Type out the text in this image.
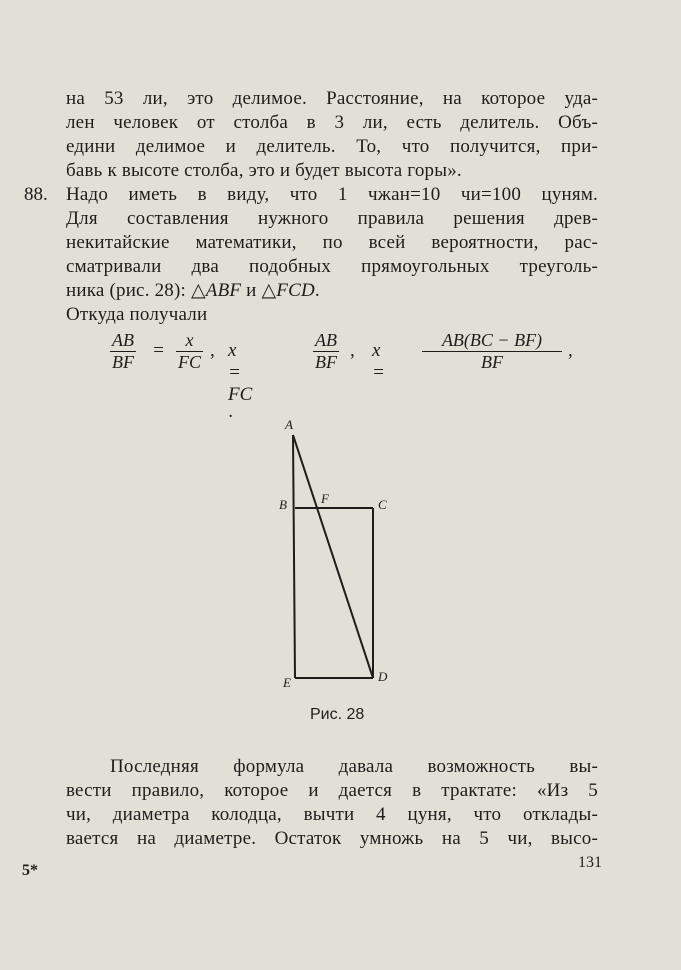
на 53 ли, это делимое. Расстояние, на которое уда-
лен человек от столба в 3 ли, есть делитель. Объ-
едини делимое и делитель. То, что получится, при-
бавь к высоте столба, это и будет высота горы».
88. Надо иметь в виду, что 1 чжан=10 чи=100 цуням.
Для составления нужного правила решения древ-
некитайские математики, по всей вероятности, рас-
сматривали два подобных прямоугольных треуголь-
ника (рис. 28): △ABF и △FCD.
Откуда получали
$\frac{AB}{BF} = \frac{x}{FC}$ , x = FC ·
$\frac{AB}{BF}$ , $x = \frac{AB(BC - BF)}{BF}$ ,
A
B	F	C
E	D
Рис. 28
Последняя формула давала возможность вы-
вести правило, которое и дается в трактате: «Из 5
чи, диаметра колодца, вычти 4 цуня, что отклады-
вается на диаметре. Остаток умножь на 5 чи, высо-
5*	131
